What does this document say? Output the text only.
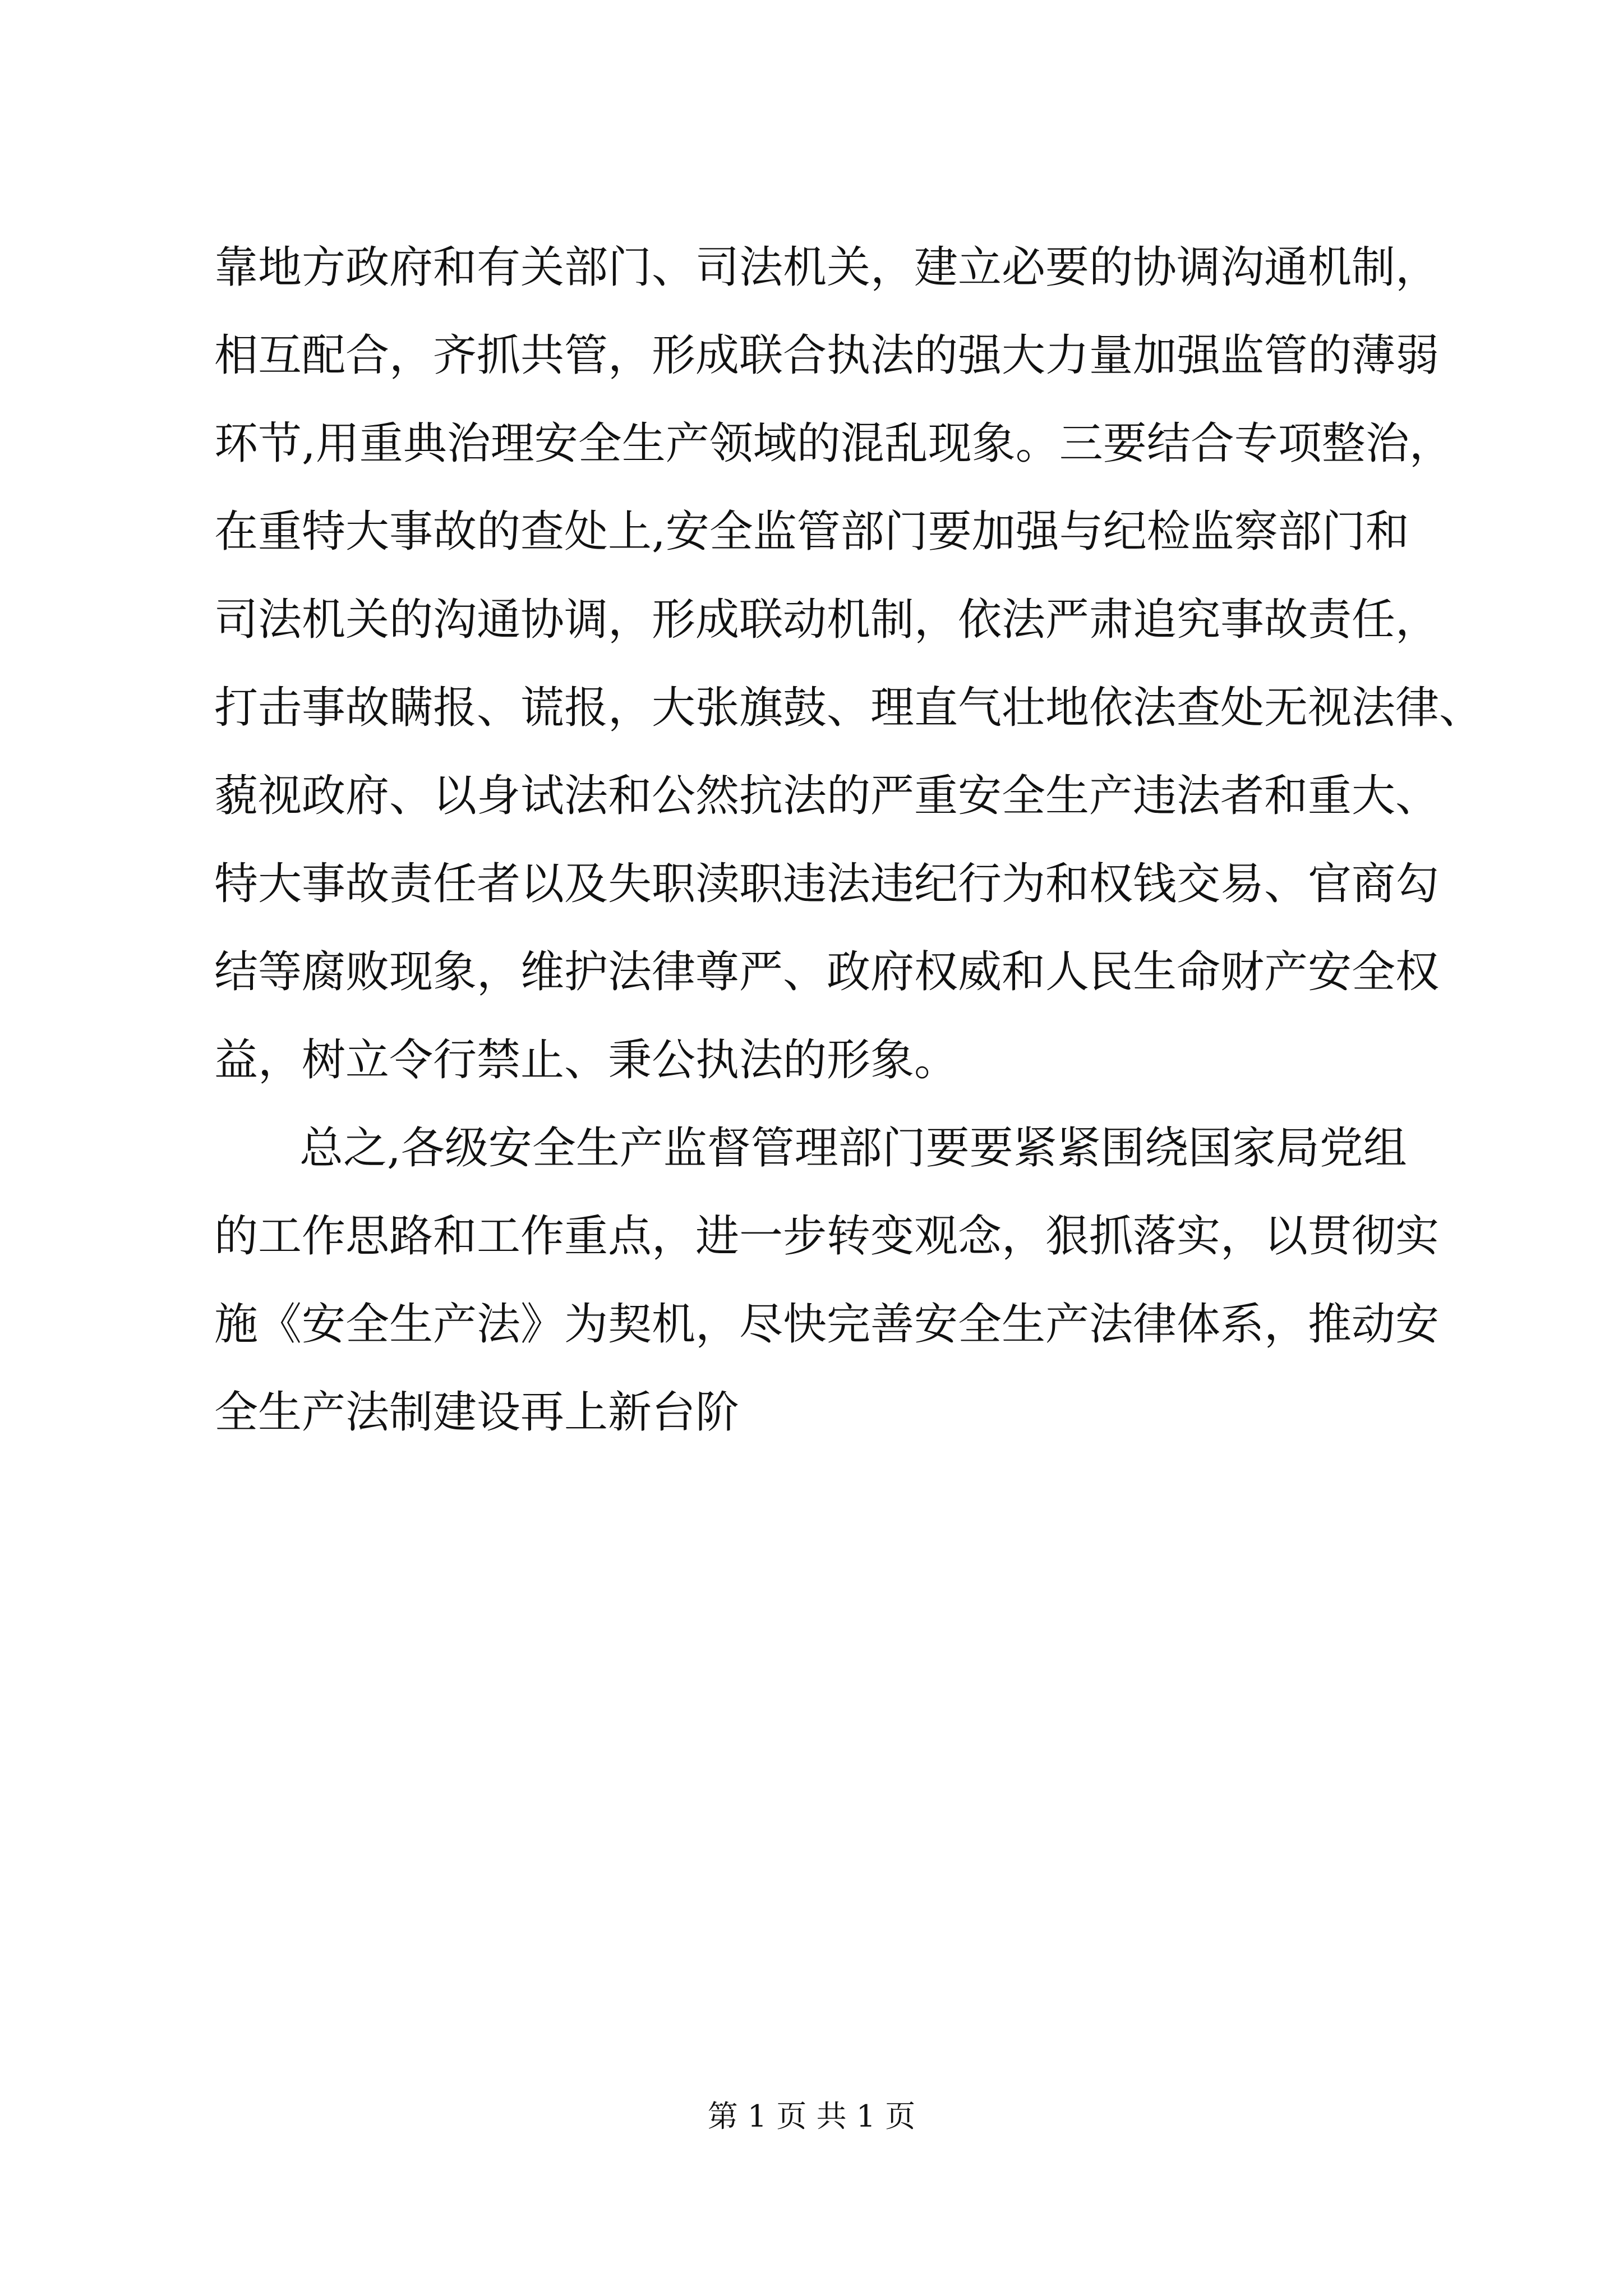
靠地方政府和有关部门、司法机关，建立必要的协调沟通机制，
相互配合，齐抓共管，形成联合执法的强大力量加强监管的薄弱
环节,用重典治理安全生产领域的混乱现象。三要结合专项整治，
在重特大事故的查处上,安全监管部门要加强与纪检监察部门和
司法机关的沟通协调，形成联动机制，依法严肃追究事故责任，
打击事故瞒报、谎报，大张旗鼓、理直气壮地依法查处无视法律、
藐视政府、以身试法和公然抗法的严重安全生产违法者和重大、
特大事故责任者以及失职渎职违法违纪行为和权钱交易、官商勾
结等腐败现象，维护法律尊严、政府权威和人民生命财产安全权
益，树立令行禁止、秉公执法的形象。
总之,各级安全生产监督管理部门要要紧紧围绕国家局党组
的工作思路和工作重点，进一步转变观念，狠抓落实，以贯彻实
施《安全生产法》为契机，尽快完善安全生产法律体系，推动安
全生产法制建设再上新台阶
第 1 页 共 1 页
